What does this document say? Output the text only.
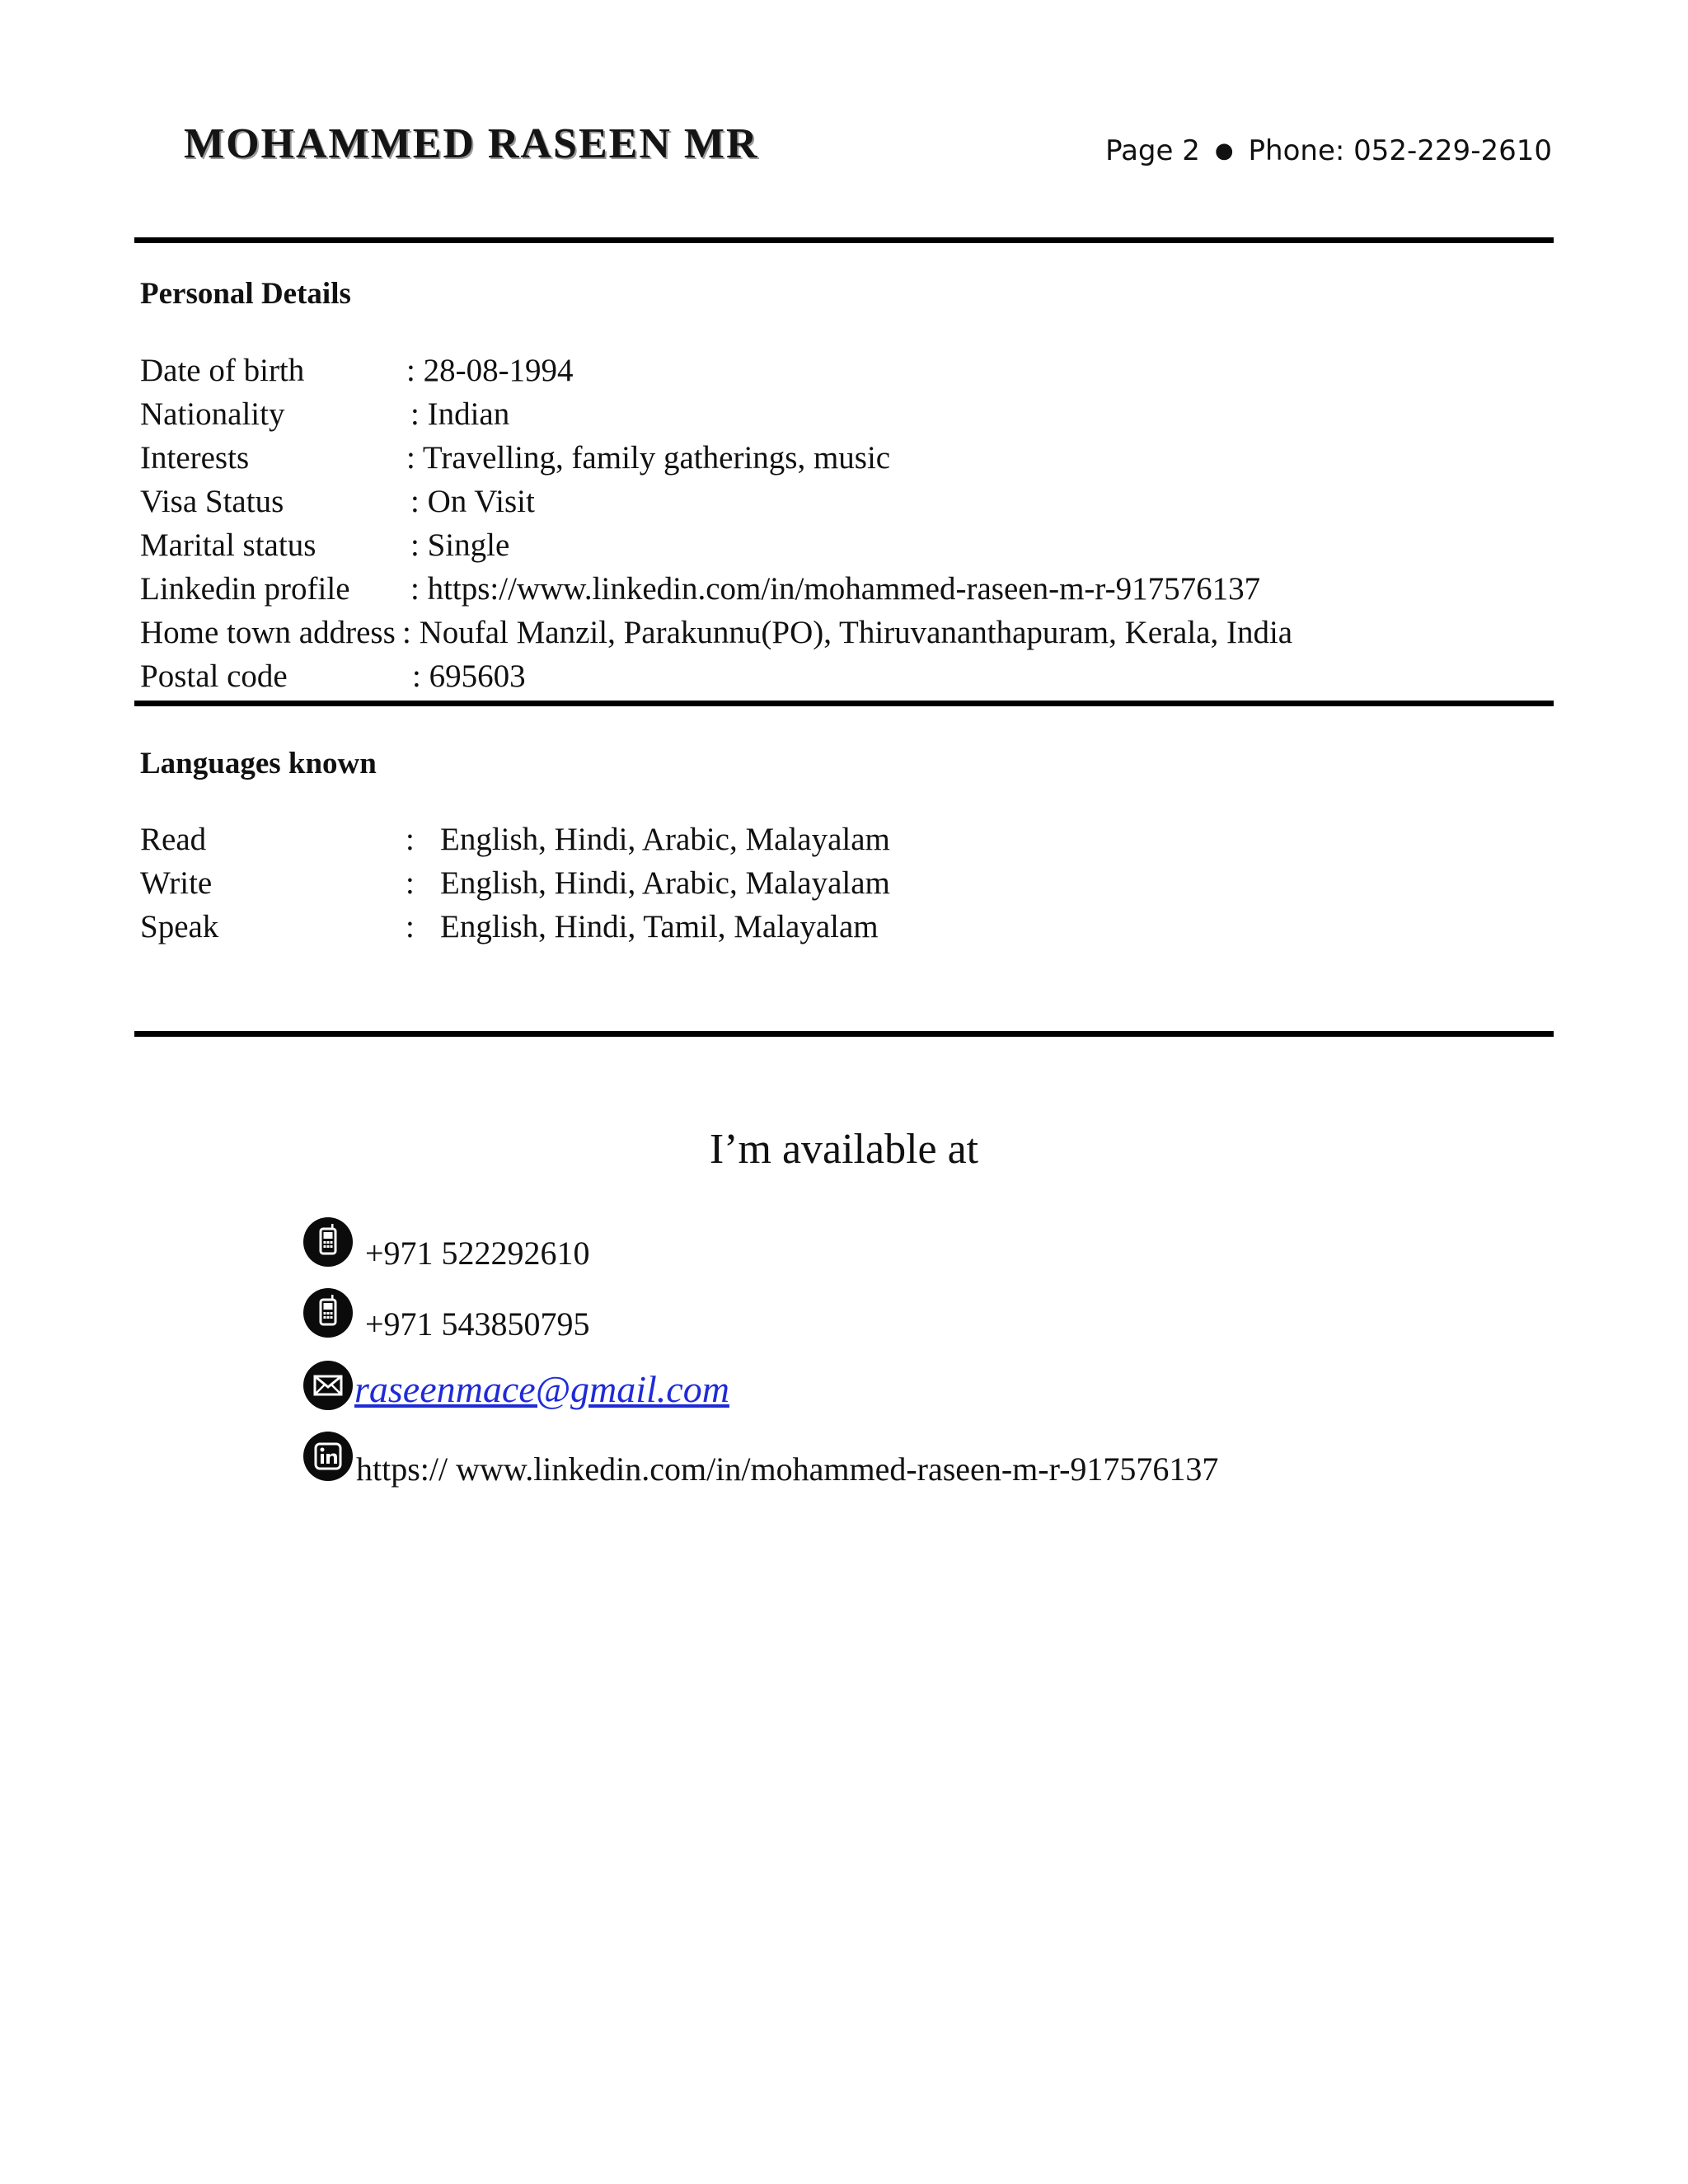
MOHAMMED RASEEN MR	Page 2 ● Phone: 052-229-2610
Personal Details
Date of birth	: 28-08-1994
Nationality	: Indian
Interests	: Travelling, family gatherings, music
Visa Status	: On Visit
Marital status	: Single
Linkedin profile : https://www.linkedin.com/in/mohammed-raseen-m-r-917576137
Home town address : Noufal Manzil, Parakunnu(PO), Thiruvananthapuram, Kerala, India
Postal code	: 695603
Languages known
Read	: English, Hindi, Arabic, Malayalam
Write	: English, Hindi, Arabic, Malayalam
Speak	: English, Hindi, Tamil, Malayalam
I’m available at
+971 522292610
+971 543850795
raseenmace@gmail.com
https:// www.linkedin.com/in/mohammed-raseen-m-r-917576137
